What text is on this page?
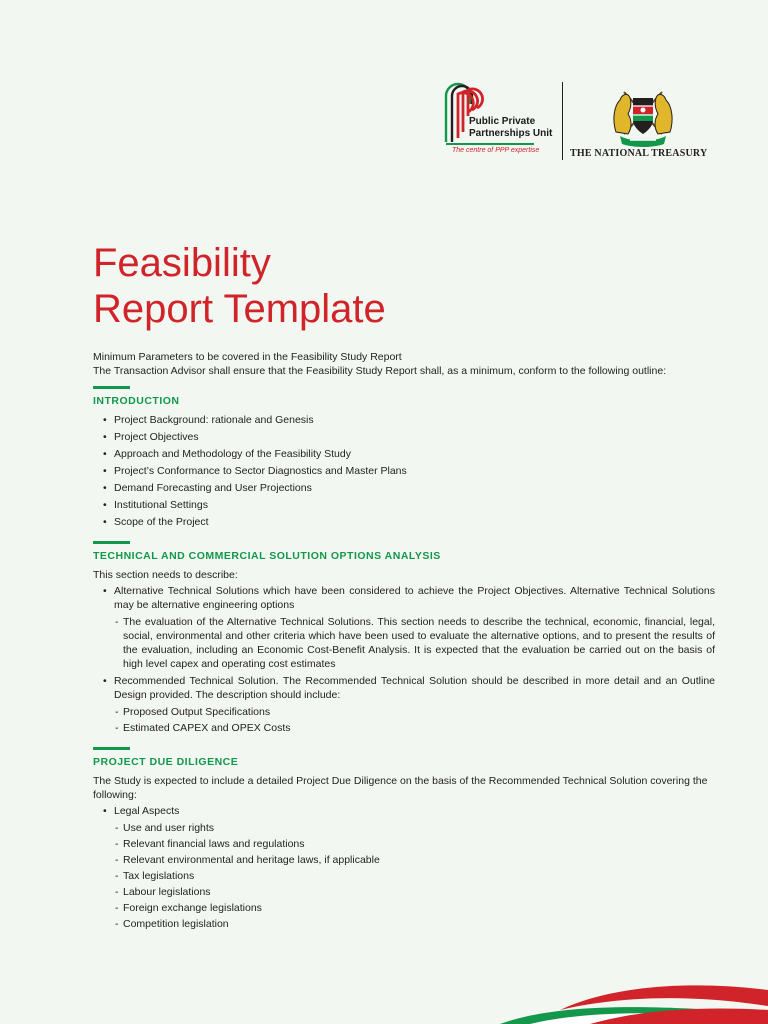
Public Private
Partnerships Unit
The centre of PPP expertise	THE NATIONAL TREASURY
Feasibility
Report Template

Minimum Parameters to be covered in the Feasibility Study Report

The Transaction Advisor shall ensure that the Feasibility Study Report shall, as a minimum, conform to the following outline:

INTRODUCTION
• Project Background: rationale and Genesis
• Project Objectives
• Approach and Methodology of the Feasibility Study
• Project’s Conformance to Sector Diagnostics and Master Plans
• Demand Forecasting and User Projections
• Institutional Settings
• Scope of the Project
TECHNICAL AND COMMERCIAL SOLUTION OPTIONS ANALYSIS

This section needs to describe:

• Alternative Technical Solutions which have been considered to achieve the Project Objectives. Alternative Technical Solutions may be alternative engineering options
- The evaluation of the Alternative Technical Solutions. This section needs to describe the technical, economic, financial, legal, social, environmental and other criteria which have been used to evaluate the alternative options, and to present the results of the evaluation, including an Economic Cost-Benefit Analysis. It is expected that the evaluation be carried out on the basis of high level capex and operating cost estimates
• Recommended Technical Solution. The Recommended Technical Solution should be described in more detail and an Outline Design provided. The description should include:
- Proposed Output Specifications
- Estimated CAPEX and OPEX Costs
PROJECT DUE DILIGENCE

The Study is expected to include a detailed Project Due Diligence on the basis of the Recommended Technical Solution covering the following:

• Legal Aspects
- Use and user rights
- Relevant financial laws and regulations
- Relevant environmental and heritage laws, if applicable
- Tax legislations
- Labour legislations
- Foreign exchange legislations
- Competition legislation
